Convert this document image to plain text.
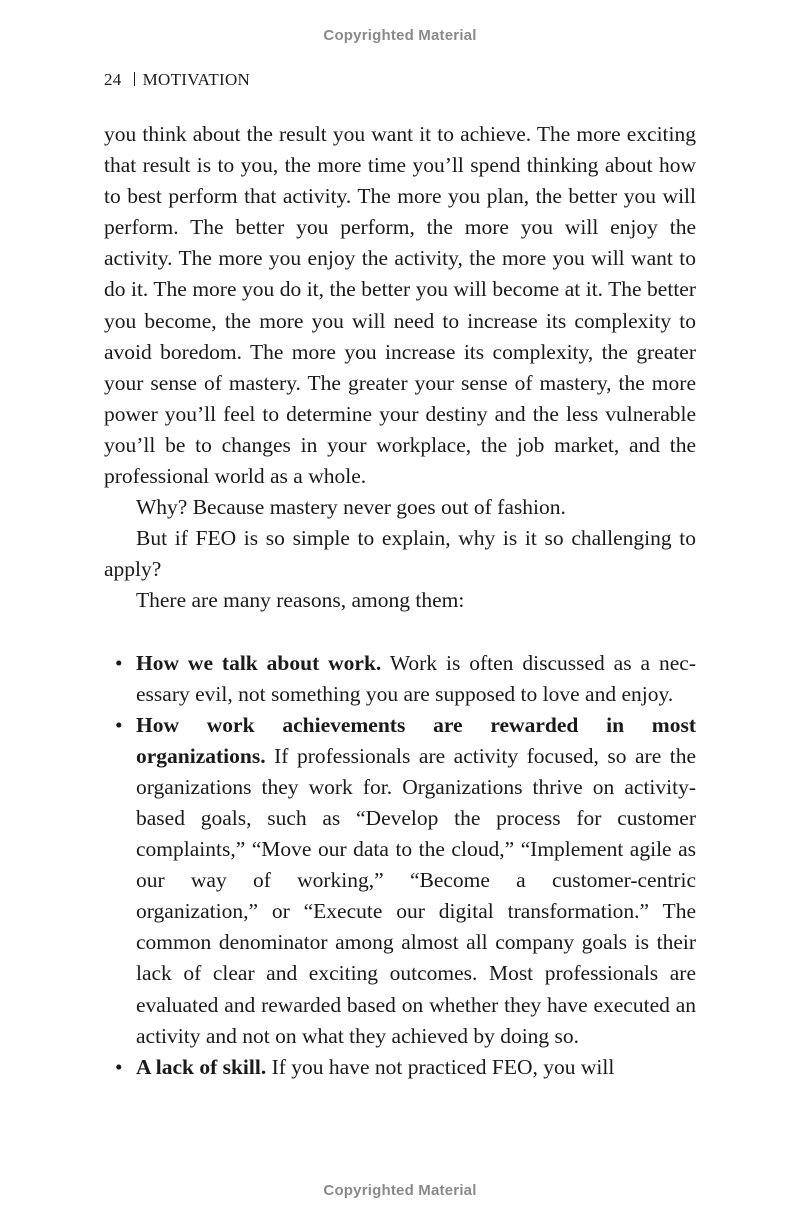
Copyrighted Material
24 MOTIVATION

you think about the result you want it to achieve. The more exciting that result is to you, the more time you’ll spend thinking about how to best perform that activity. The more you plan, the better you will perform. The better you perform, the more you will enjoy the activity. The more you enjoy the activity, the more you will want to do it. The more you do it, the better you will become at it. The better you become, the more you will need to increase its complexity to avoid boredom. The more you increase its complexity, the greater your sense of mastery. The greater your sense of mastery, the more power you’ll feel to determine your destiny and the less vulnerable you’ll be to changes in your workplace, the job market, and the professional world as a whole.

Why? Because mastery never goes out of fashion.

But if FEO is so simple to explain, why is it so challenging to apply?

There are many reasons, among them:

• How we talk about work. Work is often discussed as a necessary evil, not something you are supposed to love and enjoy.
• How work achievements are rewarded in most organizations. If professionals are activity focused, so are the organizations they work for. Organizations thrive on activity-based goals, such as “Develop the process for customer complaints,” “Move our data to the cloud,” “Implement agile as our way of working,” “Become a customer-centric organization,” or “Execute our digital transformation.” The common denominator among almost all company goals is their lack of clear and exciting outcomes. Most professionals are evaluated and rewarded based on whether they have executed an activity and not on what they achieved by doing so.
• A lack of skill. If you have not practiced FEO, you will
Copyrighted Material
